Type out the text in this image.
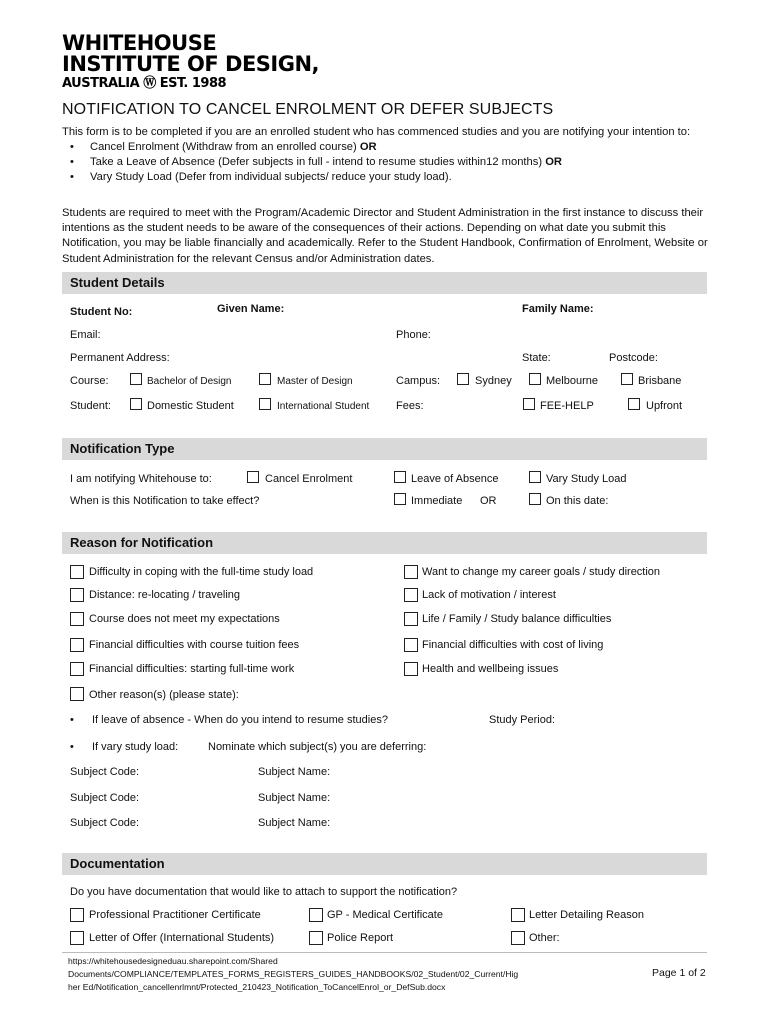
WHITEHOUSE
INSTITUTE OF DESIGN,
AUSTRALIA Ⓦ EST. 1988
NOTIFICATION TO CANCEL ENROLMENT OR DEFER SUBJECTS

This form is to be completed if you are an enrolled student who has commenced studies and you are notifying your intention to:

• Cancel Enrolment (Withdraw from an enrolled course) OR
• Take a Leave of Absence (Defer subjects in full - intend to resume studies within12 months) OR
• Vary Study Load (Defer from individual subjects/ reduce your study load).
Students are required to meet with the Program/Academic Director and Student Administration in the first instance to discuss their intentions as the student needs to be aware of the consequences of their actions. Depending on what date you submit this Notification, you may be liable financially and academically. Refer to the Student Handbook, Confirmation of Enrolment, Website or Student Administration for the relevant Census and/or Administration dates.
Student Details
Student No:	Given Name:	Family Name:
Email:	Phone:
Permanent Address:	State:	Postcode:
Course:	Bachelor of Design	Master of Design	Campus:	Sydney	Melbourne	Brisbane
Student:	Domestic Student	International Student Fees:	FEE-HELP	Upfront
Notification Type
I am notifying Whitehouse to:	Cancel Enrolment	Leave of Absence	Vary Study Load
When is this Notification to take effect?	Immediate OR	On this date:
Reason for Notification
Difficulty in coping with the full-time study load	Want to change my career goals / study direction
Distance: re-locating / traveling	Lack of motivation / interest
Course does not meet my expectations	Life / Family / Study balance difficulties
Financial difficulties with course tuition fees	Financial difficulties with cost of living
Financial difficulties: starting full-time work	Health and wellbeing issues
Other reason(s) (please state):
• If leave of absence - When do you intend to resume studies?	Study Period:
• If vary study load:	Nominate which subject(s) you are deferring:
Subject Code:	Subject Name:
Subject Code:	Subject Name:
Subject Code:	Subject Name:
Documentation
Do you have documentation that would like to attach to support the notification?
Professional Practitioner Certificate	GP - Medical Certificate	Letter Detailing Reason
Letter of Offer (International Students)	Police Report	Other:
https://whitehousedesigneduau.sharepoint.com/Shared
Documents/COMPLIANCE/TEMPLATES_FORMS_REGISTERS_GUIDES_HANDBOOKS/02_Student/02_Current/Hig
her Ed/Notification_cancellenrlmnt/Protected_210423_Notification_ToCancelEnrol_or_DefSub.docx
Page 1 of 2
